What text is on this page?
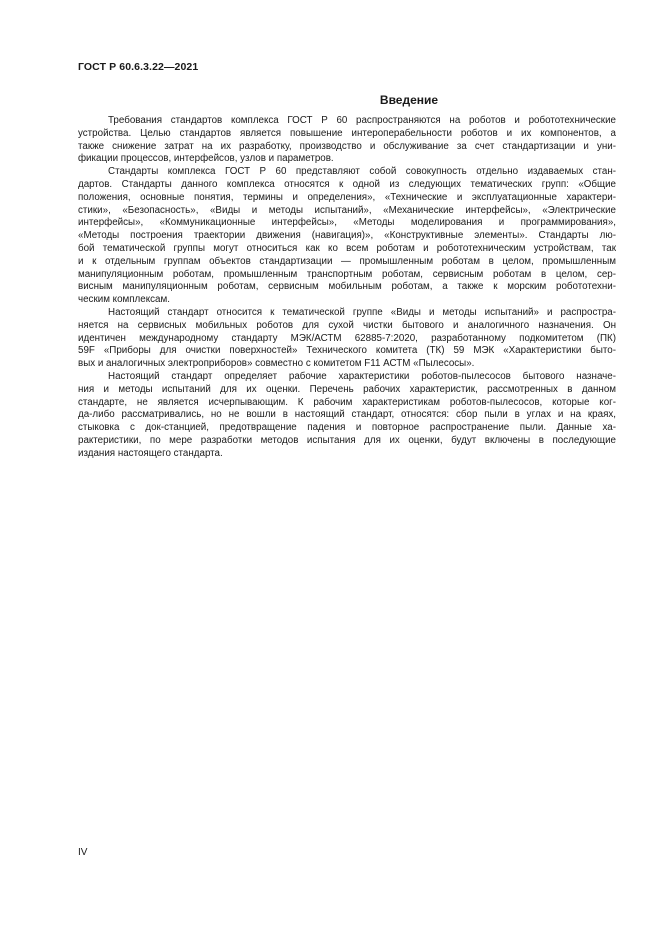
ГОСТ Р 60.6.3.22—2021
Введение
Требования стандартов комплекса ГОСТ Р 60 распространяются на роботов и робототехнические
устройства. Целью стандартов является повышение интероперабельности роботов и их компонентов, а
также снижение затрат на их разработку, производство и обслуживание за счет стандартизации и уни-
фикации процессов, интерфейсов, узлов и параметров.
Стандарты комплекса ГОСТ Р 60 представляют собой совокупность отдельно издаваемых стан-
дартов. Стандарты данного комплекса относятся к одной из следующих тематических групп: «Общие
положения, основные понятия, термины и определения», «Технические и эксплуатационные характери-
стики», «Безопасность», «Виды и методы испытаний», «Механические интерфейсы», «Электрические
интерфейсы», «Коммуникационные интерфейсы», «Методы моделирования и программирования»,
«Методы построения траектории движения (навигация)», «Конструктивные элементы». Стандарты лю-
бой тематической группы могут относиться как ко всем роботам и робототехническим устройствам, так
и к отдельным группам объектов стандартизации — промышленным роботам в целом, промышленным
манипуляционным роботам, промышленным транспортным роботам, сервисным роботам в целом, сер-
висным манипуляционным роботам, сервисным мобильным роботам, а также к морским робототехни-
ческим комплексам.
Настоящий стандарт относится к тематической группе «Виды и методы испытаний» и распростра-
няется на сервисных мобильных роботов для сухой чистки бытового и аналогичного назначения. Он
идентичен международному стандарту МЭК/АСТМ 62885-7:2020, разработанному подкомитетом (ПК)
59F «Приборы для очистки поверхностей» Технического комитета (ТК) 59 МЭК «Характеристики быто-
вых и аналогичных электроприборов» совместно с комитетом F11 АСТМ «Пылесосы».
Настоящий стандарт определяет рабочие характеристики роботов-пылесосов бытового назначе-
ния и методы испытаний для их оценки. Перечень рабочих характеристик, рассмотренных в данном
стандарте, не является исчерпывающим. К рабочим характеристикам роботов-пылесосов, которые ког-
да-либо рассматривались, но не вошли в настоящий стандарт, относятся: сбор пыли в углах и на краях,
стыковка с док-станцией, предотвращение падения и повторное распространение пыли. Данные ха-
рактеристики, по мере разработки методов испытания для их оценки, будут включены в последующие
издания настоящего стандарта.
IV
